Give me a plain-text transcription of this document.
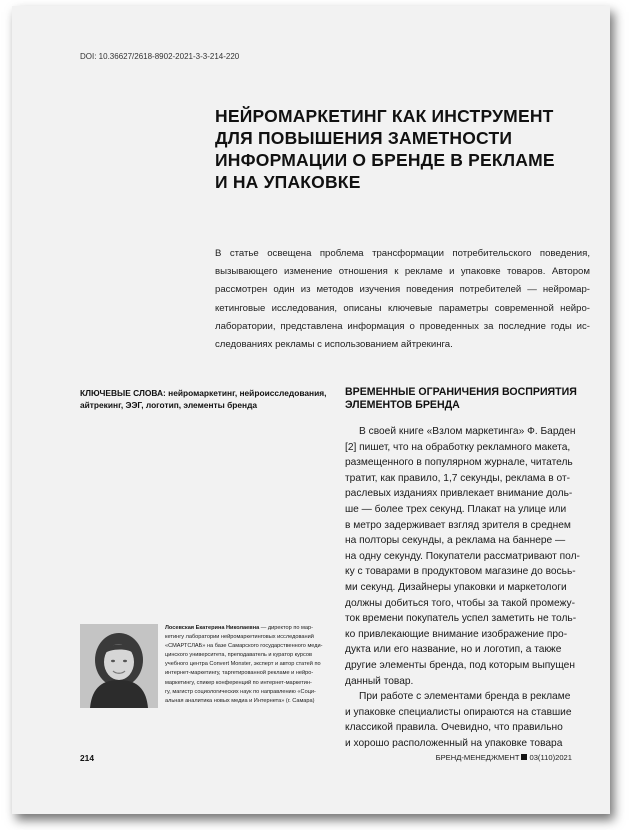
DOI: 10.36627/2618-8902-2021-3-3-214-220
НЕЙРОМАРКЕТИНГ КАК ИНСТРУМЕНТ
ДЛЯ ПОВЫШЕНИЯ ЗАМЕТНОСТИ
ИНФОРМАЦИИ О БРЕНДЕ В РЕКЛАМЕ
И НА УПАКОВКЕ
В статье освещена проблема трансформации потребительского поведения,
вызывающего изменение отношения к рекламе и упаковке товаров. Автором
рассмотрен один из методов изучения поведения потребителей — нейромар-
кетинговые исследования, описаны ключевые параметры современной нейро-
лаборатории, представлена информация о проведенных за последние годы ис-
следованиях рекламы с использованием айтрекинга.
КЛЮЧЕВЫЕ СЛОВА: нейромаркетинг, нейроисследования,
айтрекинг, ЭЭГ, логотип, элементы бренда
ВРЕМЕННЫЕ ОГРАНИЧЕНИЯ ВОСПРИЯТИЯ
ЭЛЕМЕНТОВ БРЕНДА
В своей книге «Взлом маркетинга» Ф. Барден
[2] пишет, что на обработку рекламного макета,
размещенного в популярном журнале, читатель
тратит, как правило, 1,7 секунды, реклама в от-
раслевых изданиях привлекает внимание доль-
ше — более трех секунд. Плакат на улице или
в метро задерживает взгляд зрителя в среднем
на полторы секунды, а реклама на баннере —
на одну секунду. Покупатели рассматривают пол-
ку с товарами в продуктовом магазине до восьь-
ми секунд. Дизайнеры упаковки и маркетологи
должны добиться того, чтобы за такой промежу-
ток времени покупатель успел заметить не толь-
ко привлекающие внимание изображение про-
дукта или его название, но и логотип, а также
другие элементы бренда, под которым выпущен
данный товар.
При работе с элементами бренда в рекламе
и упаковке специалисты опираются на ставшие
классикой правила. Очевидно, что правильно
и хорошо расположенный на упаковке товара
Лосевская Екатерина Николаевна — директор по мар-
кетингу лаборатории нейромаркетинговых исследований
«СМАРТСЛАБ» на базе Самарского государственного меди-
цинского университета, преподаватель и куратор курсов
учебного центра Convert Monster, эксперт и автор статей по
интернет-маркетингу, таргетированной рекламе и нейро-
маркетингу, спикер конференций по интернет-маркетин-
гу, магистр социологических наук по направлению «Соци-
альная аналитика новых медиа и Интернета» (г. Самара)
214	БРЕНД-МЕНЕДЖМЕНТ 03(110)2021
